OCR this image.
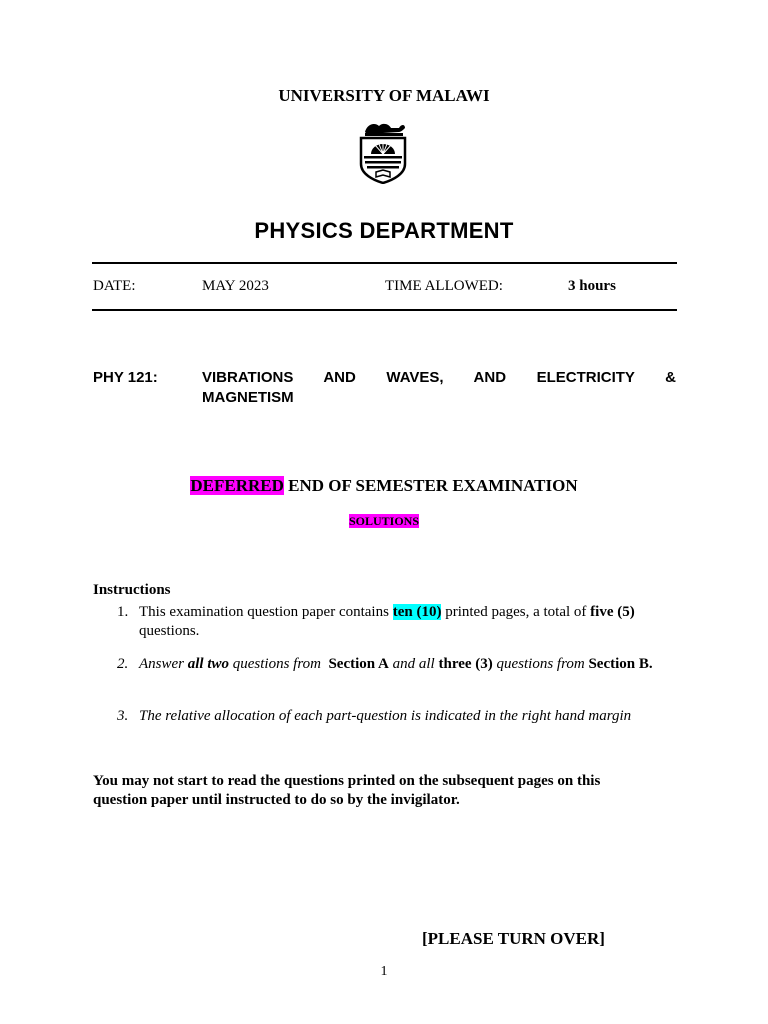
UNIVERSITY OF MALAWI
PHYSICS DEPARTMENT
DATE:	MAY 2023	TIME ALLOWED:	3 hours
PHY 121:	VIBRATIONS AND WAVES, AND ELECTRICITY &
MAGNETISM
DEFERRED END OF SEMESTER EXAMINATION
SOLUTIONS
Instructions
1. This examination question paper contains ten (10) printed pages, a total of five (5) questions.
2. Answer all two questions from  Section A and all three (3) questions from Section B.
3. The relative allocation of each part-question is indicated in the right hand margin
You may not start to read the questions printed on the subsequent pages on this question paper until instructed to do so by the invigilator.
[PLEASE TURN OVER]
1
